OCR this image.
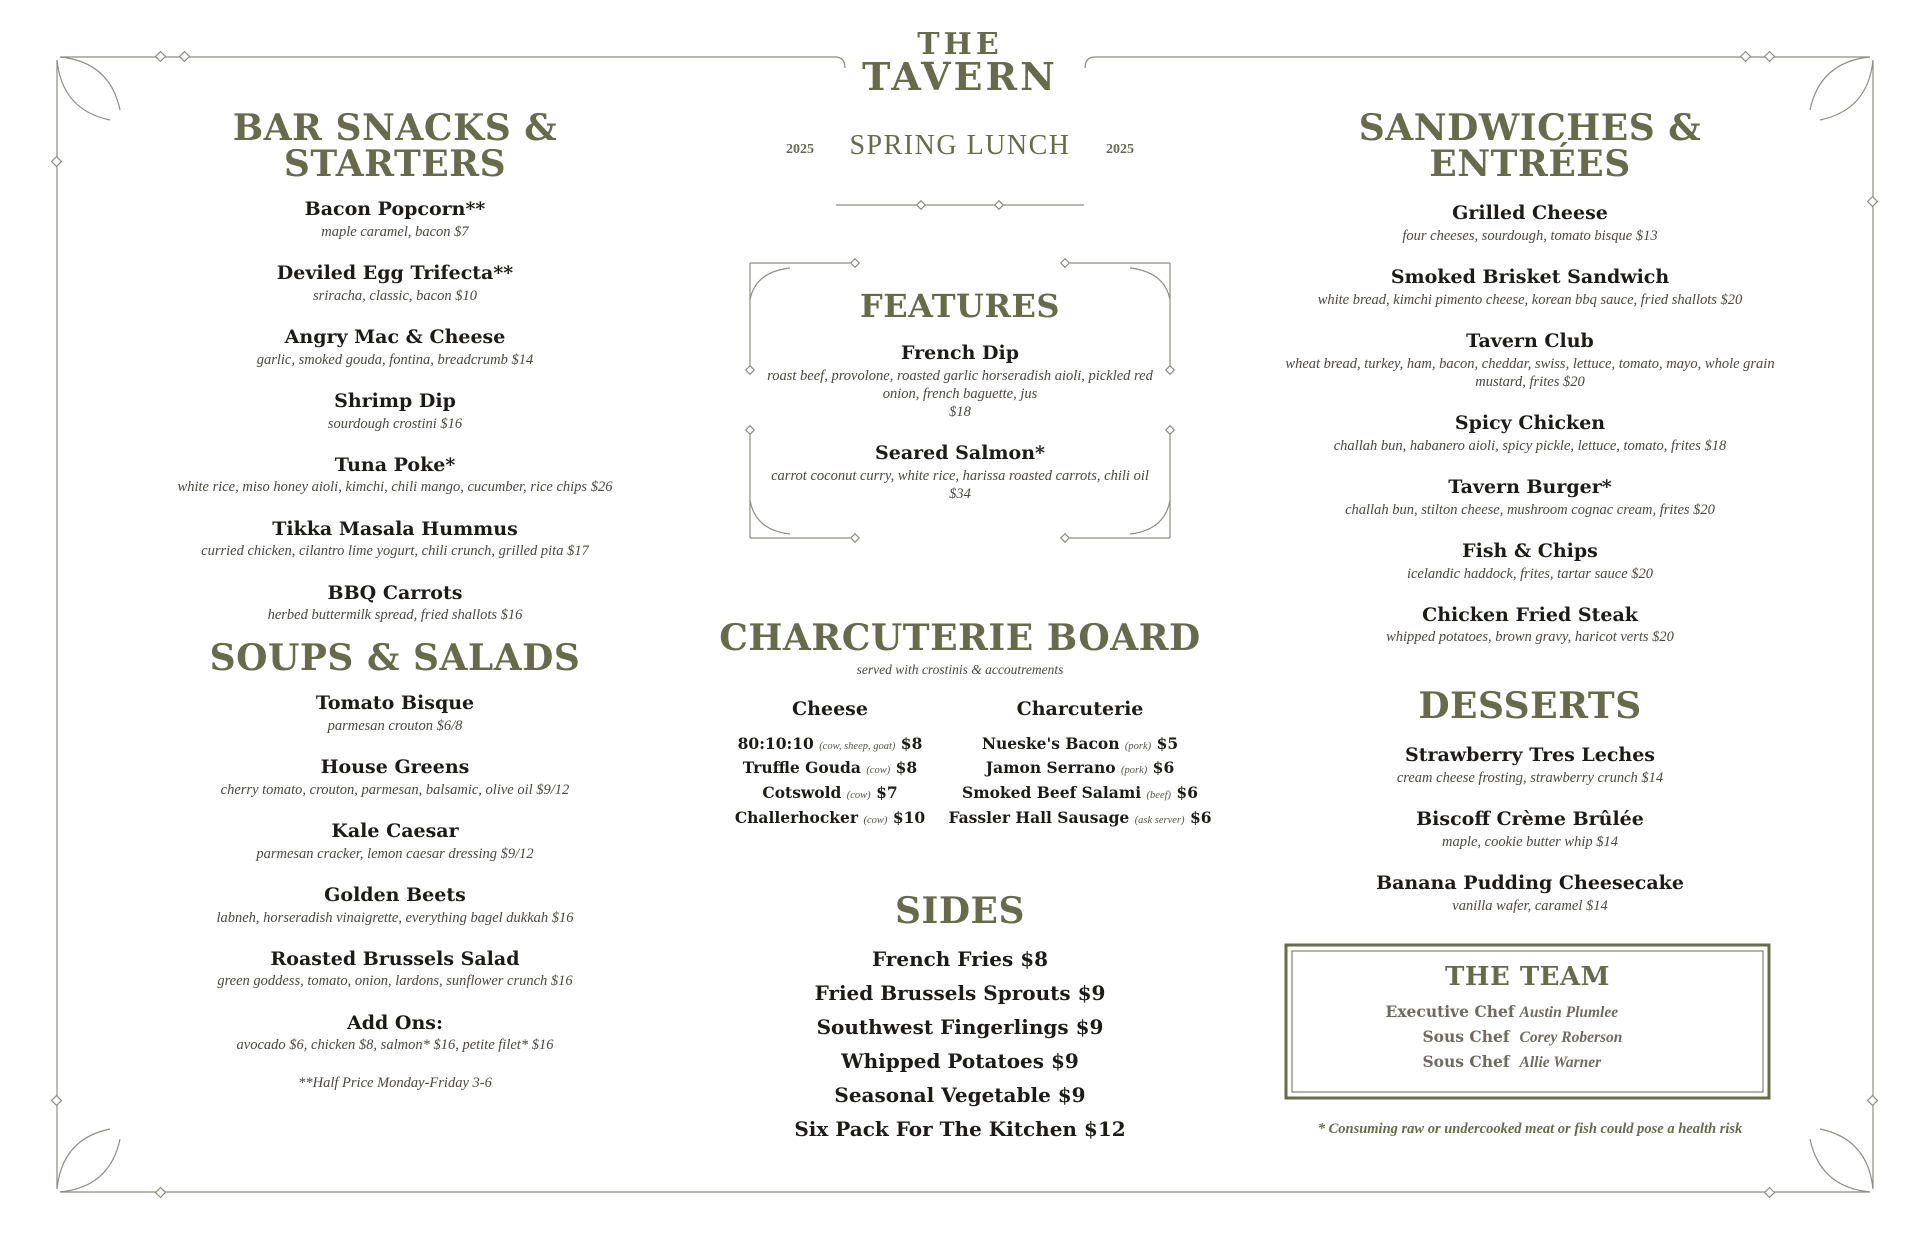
THE
TAVERN
2025	SPRING LUNCH	2025
BAR SNACKS & STARTERS

Bacon Popcorn**

maple caramel, bacon $7

Deviled Egg Trifecta**

sriracha, classic, bacon $10

Angry Mac & Cheese

garlic, smoked gouda, fontina, breadcrumb $14

Shrimp Dip

sourdough crostini $16

Tuna Poke*

white rice, miso honey aioli, kimchi, chili mango, cucumber, rice chips $26

Tikka Masala Hummus

curried chicken, cilantro lime yogurt, chili crunch, grilled pita $17

BBQ Carrots

herbed buttermilk spread, fried shallots $16

SOUPS & SALADS

Tomato Bisque

parmesan crouton $6/8

House Greens

cherry tomato, crouton, parmesan, balsamic, olive oil $9/12

Kale Caesar

parmesan cracker, lemon caesar dressing $9/12

Golden Beets

labneh, horseradish vinaigrette, everything bagel dukkah $16

Roasted Brussels Salad

green goddess, tomato, onion, lardons, sunflower crunch $16

Add Ons:

avocado $6, chicken $8, salmon* $16, petite filet* $16

**Half Price Monday-Friday 3-6

FEATURES

French Dip

roast beef, provolone, roasted garlic horseradish aioli, pickled red onion, french baguette, jus

$18

Seared Salmon*

carrot coconut curry, white rice, harissa roasted carrots, chili oil $34

CHARCUTERIE BOARD

served with crostinis & accoutrements

Cheese

80:10:10 (cow, sheep, goat) $8

Truffle Gouda (cow) $8

Cotswold (cow) $7

Challerhocker (cow) $10

Charcuterie

Nueske's Bacon (pork) $5

Jamon Serrano (pork) $6

Smoked Beef Salami (beef) $6

Fassler Hall Sausage (ask server) $6

SIDES

French Fries $8

Fried Brussels Sprouts $9

Southwest Fingerlings $9

Whipped Potatoes $9

Seasonal Vegetable $9

Six Pack For The Kitchen $12

SANDWICHES & ENTRÉES

Grilled Cheese

four cheeses, sourdough, tomato bisque $13

Smoked Brisket Sandwich

white bread, kimchi pimento cheese, korean bbq sauce, fried shallots $20

Tavern Club

wheat bread, turkey, ham, bacon, cheddar, swiss, lettuce, tomato, mayo, whole grain mustard, frites $20

Spicy Chicken

challah bun, habanero aioli, spicy pickle, lettuce, tomato, frites $18

Tavern Burger*

challah bun, stilton cheese, mushroom cognac cream, frites $20

Fish & Chips

icelandic haddock, frites, tartar sauce $20

Chicken Fried Steak

whipped potatoes, brown gravy, haricot verts $20

DESSERTS

Strawberry Tres Leches

cream cheese frosting, strawberry crunch $14

Biscoff Crème Brûlée

maple, cookie butter whip $14

Banana Pudding Cheesecake

vanilla wafer, caramel $14

THE TEAM
Executive Chef Austin Plumlee
Sous Chef Corey Roberson
Sous Chef Allie Warner

* Consuming raw or undercooked meat or fish could pose a health risk
